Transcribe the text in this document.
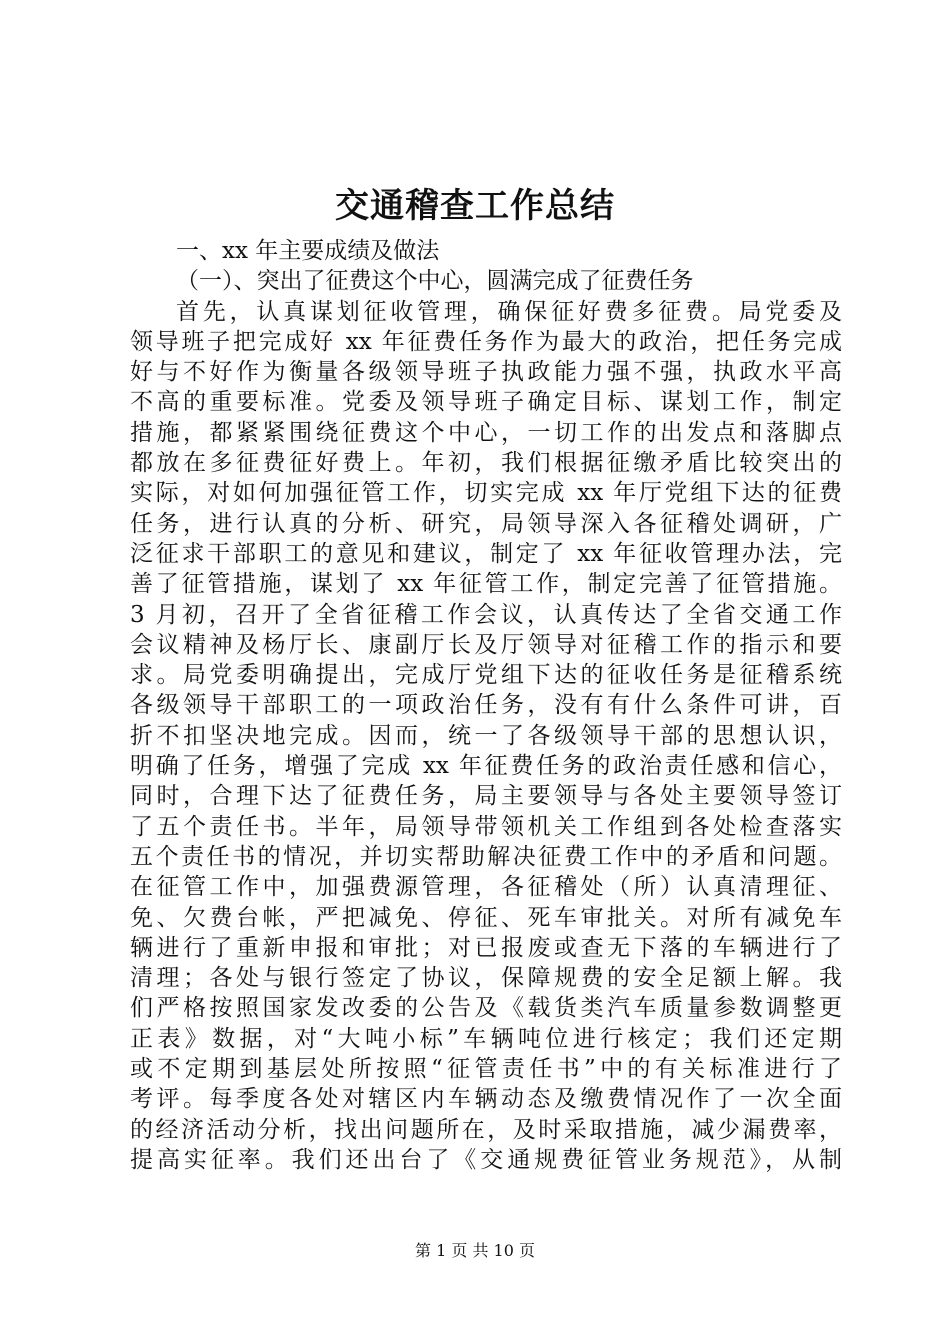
交通稽查工作总结
一、xx 年主要成绩及做法
（一）、突出了征费这个中心，圆满完成了征费任务
首先，认真谋划征收管理，确保征好费多征费。局党委及
领导班子把完成好 xx 年征费任务作为最大的政治，把任务完成
好与不好作为衡量各级领导班子执政能力强不强，执政水平高
不高的重要标准。党委及领导班子确定目标、谋划工作，制定
措施，都紧紧围绕征费这个中心，一切工作的出发点和落脚点
都放在多征费征好费上。年初，我们根据征缴矛盾比较突出的
实际，对如何加强征管工作，切实完成 xx 年厅党组下达的征费
任务，进行认真的分析、研究，局领导深入各征稽处调研，广
泛征求干部职工的意见和建议，制定了 xx 年征收管理办法，完
善了征管措施，谋划了 xx 年征管工作，制定完善了征管措施。
3 月初，召开了全省征稽工作会议，认真传达了全省交通工作
会议精神及杨厅长、康副厅长及厅领导对征稽工作的指示和要
求。局党委明确提出，完成厅党组下达的征收任务是征稽系统
各级领导干部职工的一项政治任务，没有有什么条件可讲，百
折不扣坚决地完成。因而，统一了各级领导干部的思想认识，
明确了任务，增强了完成 xx 年征费任务的政治责任感和信心，
同时，合理下达了征费任务，局主要领导与各处主要领导签订
了五个责任书。半年，局领导带领机关工作组到各处检查落实
五个责任书的情况，并切实帮助解决征费工作中的矛盾和问题。
在征管工作中，加强费源管理，各征稽处（所）认真清理征、
免、欠费台帐，严把减免、停征、死车审批关。对所有减免车
辆进行了重新申报和审批；对已报废或查无下落的车辆进行了
清理；各处与银行签定了协议，保障规费的安全足额上解。我
们严格按照国家发改委的公告及《载货类汽车质量参数调整更
正表》数据，对“大吨小标”车辆吨位进行核定；我们还定期
或不定期到基层处所按照“征管责任书”中的有关标准进行了
考评。每季度各处对辖区内车辆动态及缴费情况作了一次全面
的经济活动分析，找出问题所在，及时采取措施，减少漏费率，
提高实征率。我们还出台了《交通规费征管业务规范》，从制
第 1 页 共 10 页
